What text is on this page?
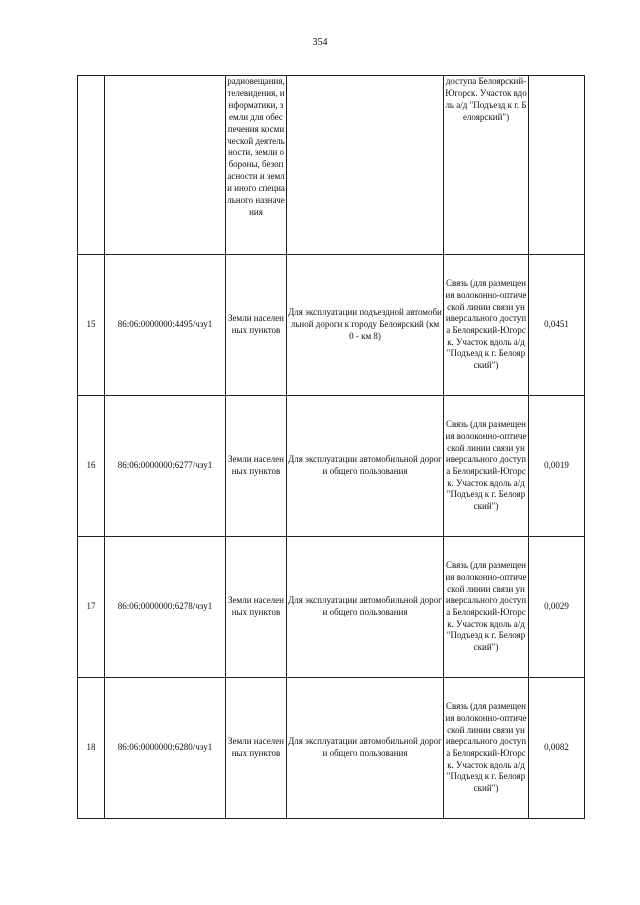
354
		радиовещания, телевидения, информатики, земли для обеспечения космической деятельности, земли обороны, безопасности и земли иного специального назначения		доступа Белоярский-Югорск. Участок вдоль а/д "Подъезд к г. Белоярский")	
15	86:06:0000000:4495/чзу1	Земли населенных пунктов	Для эксплуатации подъездной автомобильной дороги к городу Белоярский (км 0 - км 8)	Связь (для размещения волоконно-оптической линии связи универсального доступа Белоярский-Югорск. Участок вдоль а/д "Подъезд к г. Белоярский")	0,0451
16	86:06:0000000:6277/чзу1	Земли населенных пунктов	Для эксплуатации автомобильной дороги общего пользования	Связь (для размещения волоконно-оптической линии связи универсального доступа Белоярский-Югорск. Участок вдоль а/д "Подъезд к г. Белоярский")	0,0019
17	86:06:0000000:6278/чзу1	Земли населенных пунктов	Для эксплуатации автомобильной дороги общего пользования	Связь (для размещения волоконно-оптической линии связи универсального доступа Белоярский-Югорск. Участок вдоль а/д "Подъезд к г. Белоярский")	0,0029
18	86:06:0000000:6280/чзу1	Земли населенных пунктов	Для эксплуатации автомобильной дороги общего пользования	Связь (для размещения волоконно-оптической линии связи универсального доступа Белоярский-Югорск. Участок вдоль а/д "Подъезд к г. Белоярский")	0,0082
